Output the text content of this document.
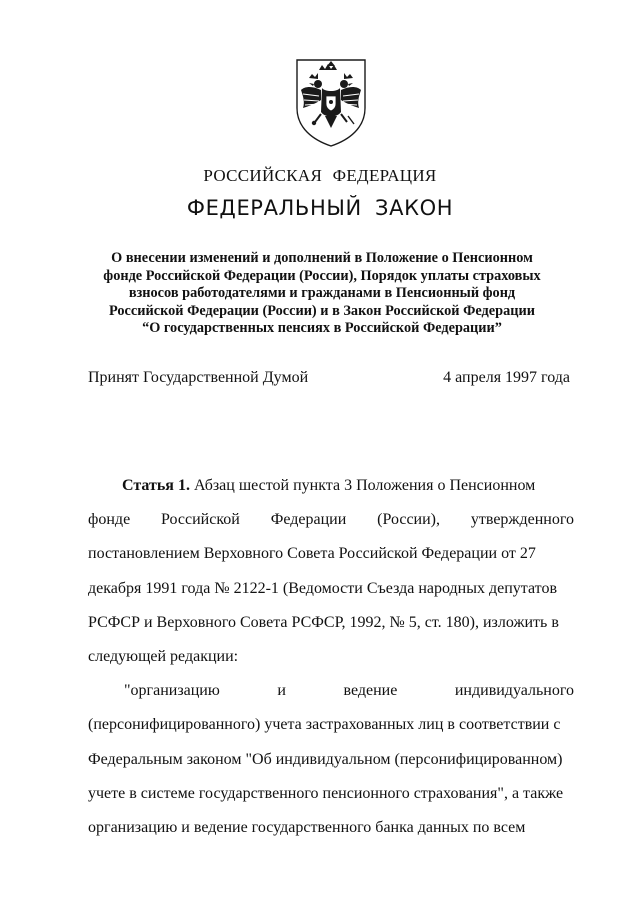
РОССИЙСКАЯ ФЕДЕРАЦИЯ
ФЕДЕРАЛЬНЫЙ ЗАКОН
О внесении изменений и дополнений в Положение о Пенсионном
фонде Российской Федерации (России), Порядок уплаты страховых
взносов работодателями и гражданами в Пенсионный фонд
Российской Федерации (России) и в Закон Российской Федерации
“О государственных пенсиях в Российской Федерации”
Принят Государственной Думой	4 апреля 1997 года
Статья 1. Абзац шестой пункта 3 Положения о Пенсионном
фонде Российской Федерации (России), утвержденного
постановлением Верховного Совета Российской Федерации от 27
декабря 1991 года № 2122-1 (Ведомости Съезда народных депутатов
РСФСР и Верховного Совета РСФСР, 1992, № 5, ст. 180), изложить в
следующей редакции:
"организацию	и	ведение	индивидуального
(персонифицированного) учета застрахованных лиц в соответствии с
Федеральным законом "Об индивидуальном (персонифицированном)
учете в системе государственного пенсионного страхования", а также
организацию и ведение государственного банка данных по всем
